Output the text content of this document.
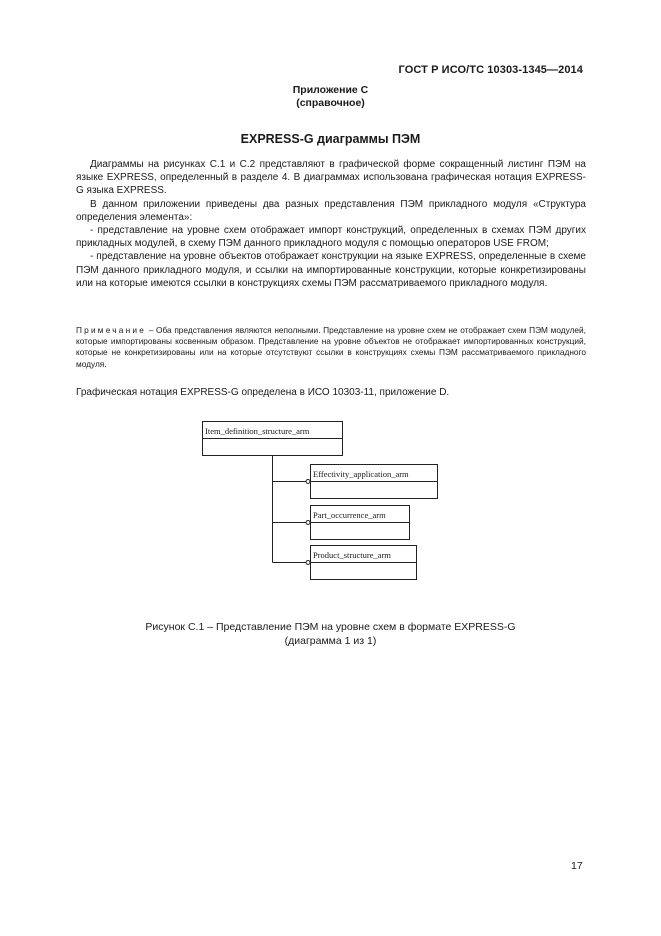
ГОСТ Р ИСО/ТС 10303-1345—2014
Приложение С
(справочное)
EXPRESS-G диаграммы ПЭМ

Диаграммы на рисунках С.1 и С.2 представляют в графической форме сокращенный листинг ПЭМ на языке EXPRESS, определенный в разделе 4. В диаграммах использована графическая нотация EXPRESS-G языка EXPRESS.

В данном приложении приведены два разных представления ПЭМ прикладного модуля «Структура определения элемента»:

- представление на уровне схем отображает импорт конструкций, определенных в схемах ПЭМ других прикладных модулей, в схему ПЭМ данного прикладного модуля с помощью операторов USE FROM;

- представление на уровне объектов отображает конструкции на языке EXPRESS, определенные в схеме ПЭМ данного прикладного модуля, и ссылки на импортированные конструкции, которые конкретизированы или на которые имеются ссылки в конструкциях схемы ПЭМ рассматриваемого прикладного модуля.

Примечание – Оба представления являются неполными. Представление на уровне схем не отображает схем ПЭМ модулей, которые импортированы косвенным образом. Представление на уровне объектов не отображает импортированных конструкций, которые не конкретизированы или на которые отсутствуют ссылки в конструкциях схемы ПЭМ рассматриваемого прикладного модуля.

Графическая нотация EXPRESS-G определена в ИСО 10303-11, приложение D.
Item_definition_structure_arm
Effectivity_application_arm
Part_occurrence_arm
Product_structure_arm
Рисунок С.1 – Представление ПЭМ на уровне схем в формате EXPRESS-G
(диаграмма 1 из 1)
17
